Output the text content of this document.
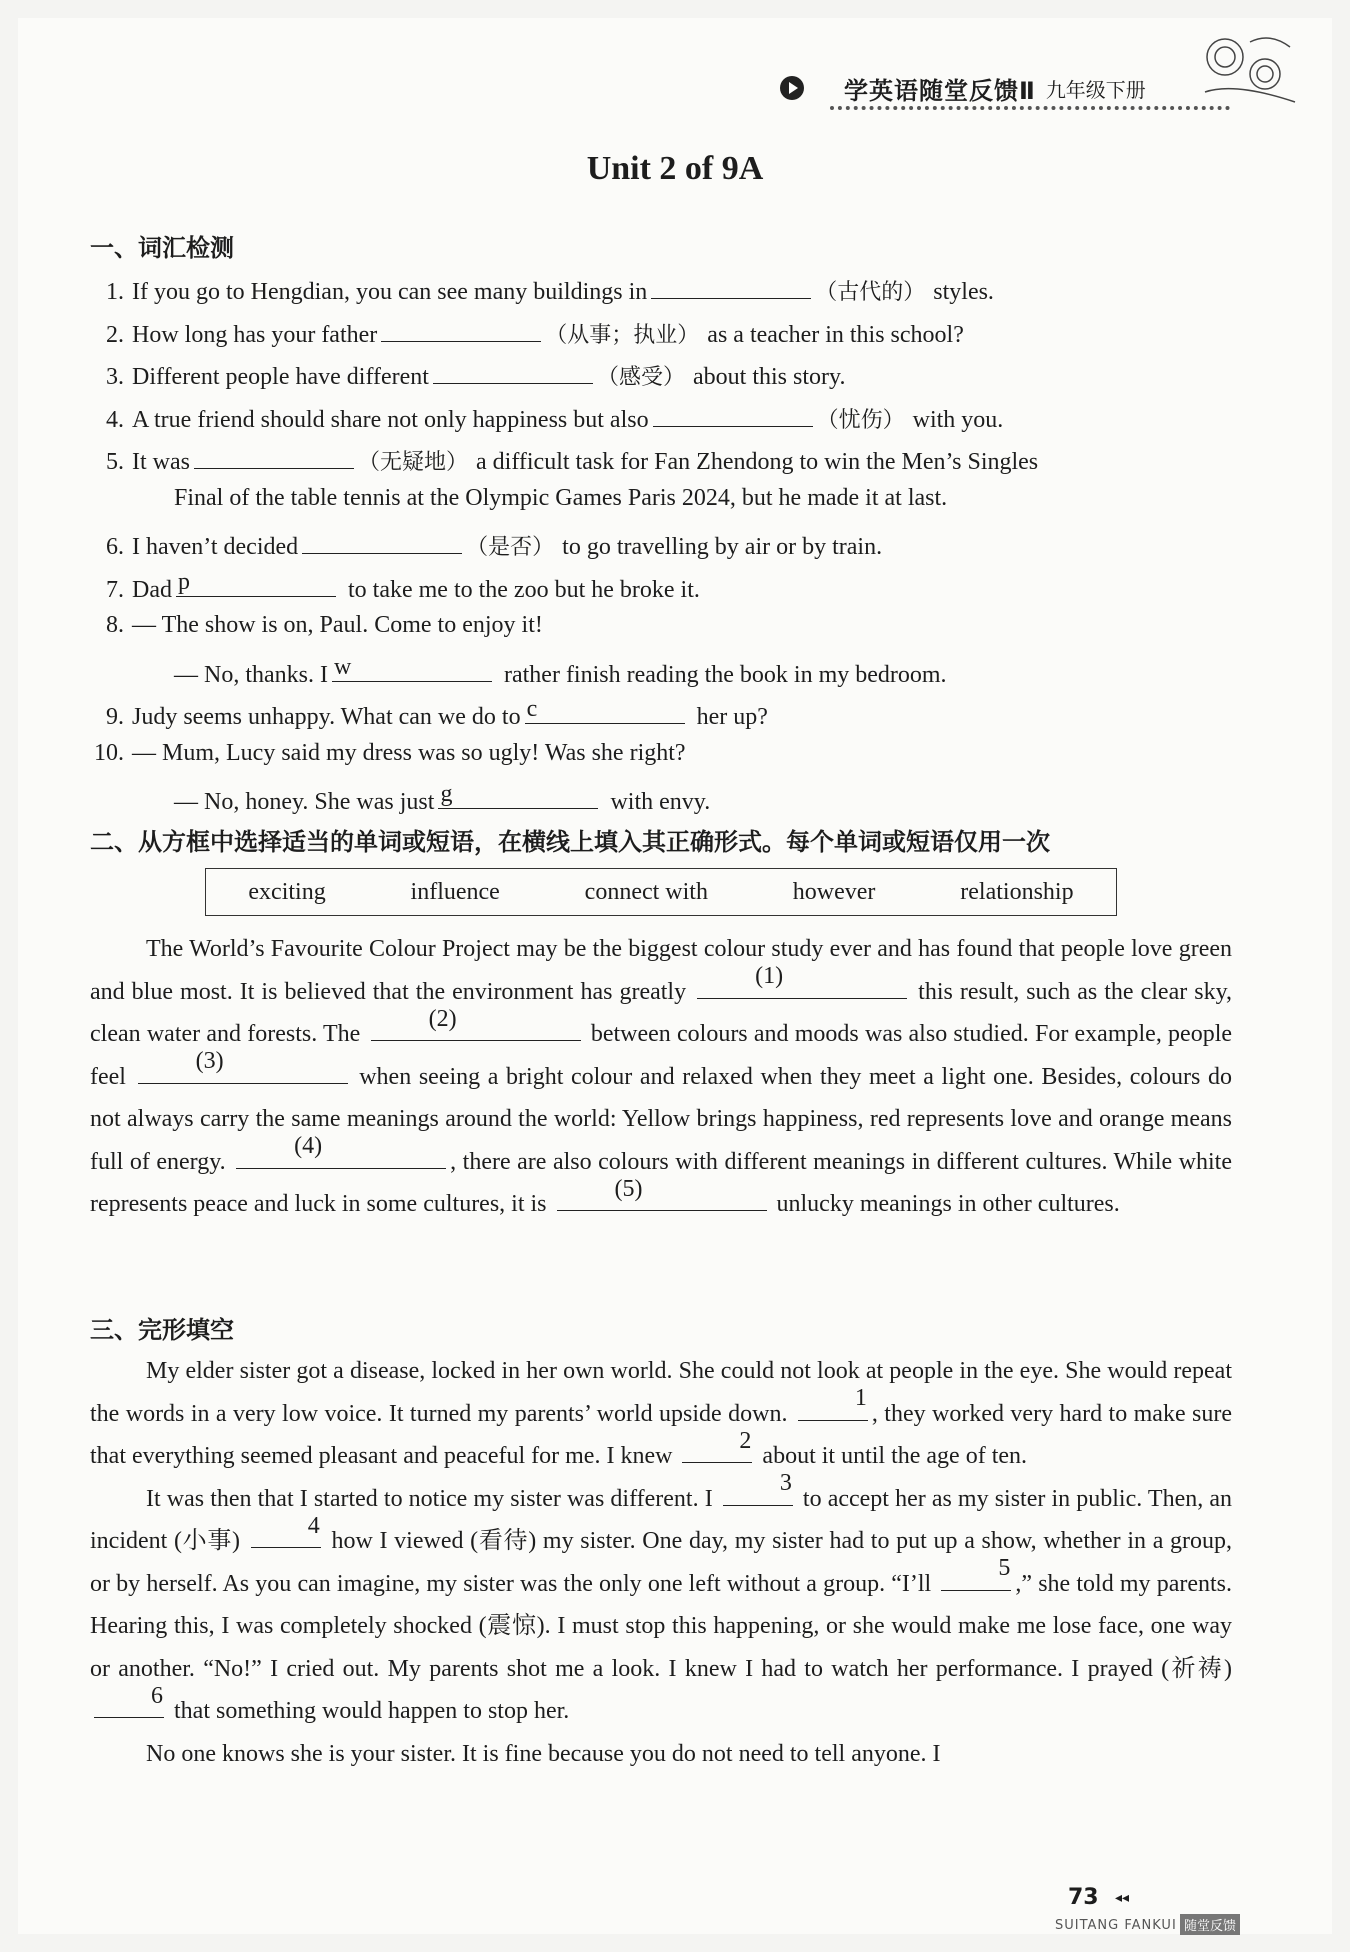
学英语随堂反馈Ⅱ 九年级下册
Unit 2 of 9A
一、词汇检测
1. If you go to Hengdian, you can see many buildings in	（古代的） styles.
2. How long has your father	（从事；执业） as a teacher in this school?
3. Different people have different	（感受） about this story.
4. A true friend should share not only happiness but also	（忧伤） with you.
5. It was	（无疑地） a difficult task for Fan Zhendong to win the Men’s Singles
Final of the table tennis at the Olympic Games Paris 2024, but he made it at last.
6. I haven’t decided	（是否） to go travelling by air or by train.
7. Dad p	to take me to the zoo but he broke it.
8. — The show is on, Paul. Come to enjoy it!
— No, thanks. I w	rather finish reading the book in my bedroom.
9. Judy seems unhappy. What can we do to c	her up?
10. — Mum, Lucy said my dress was so ugly! Was she right?
— No, honey. She was just g	with envy.
二、从方框中选择适当的单词或短语，在横线上填入其正确形式。每个单词或短语仅用一次
exciting	influence	connect with	however	relationship

The World’s Favourite Colour Project may be the biggest colour study ever and has found that people love green and blue most. It is believed that the environment has greatly
(1)
this result, such as the clear sky, clean water and forests. The
(2)
between colours and moods was also studied. For example, people feel
(3)
when seeing a bright colour and relaxed when they meet a light one. Besides, colours do not always carry the same meanings around the world: Yellow brings happiness, red represents love and orange means full of energy.
(4)
, there are also colours with different meanings in different cultures. While white represents peace and luck in some cultures, it is
(5)
unlucky meanings in other cultures.

三、完形填空

My elder sister got a disease, locked in her own world. She could not look at people in the eye. She would repeat the words in a very low voice. It turned my parents’ world upside down.
1
, they worked very hard to make sure that everything seemed pleasant and peaceful for me. I knew
2
about it until the age of ten.

It was then that I started to notice my sister was different. I
3
to accept her as my sister in public. Then, an incident (小事)
4
how I viewed (看待) my sister. One day, my sister had to put up a show, whether in a group, or by herself. As you can imagine, my sister was the only one left without a group. “I’ll
5
,” she told my parents. Hearing this, I was completely shocked (震惊). I must stop this happening, or she would make me lose face, one way or another. “No!” I cried out. My parents shot me a look. I knew I had to watch her performance. I prayed (祈祷)
6
that something would happen to stop her.

No one knows she is your sister. It is fine because you do not need to tell anyone. I

73 ◂◂
SUITANG FANKUI 随堂反馈
